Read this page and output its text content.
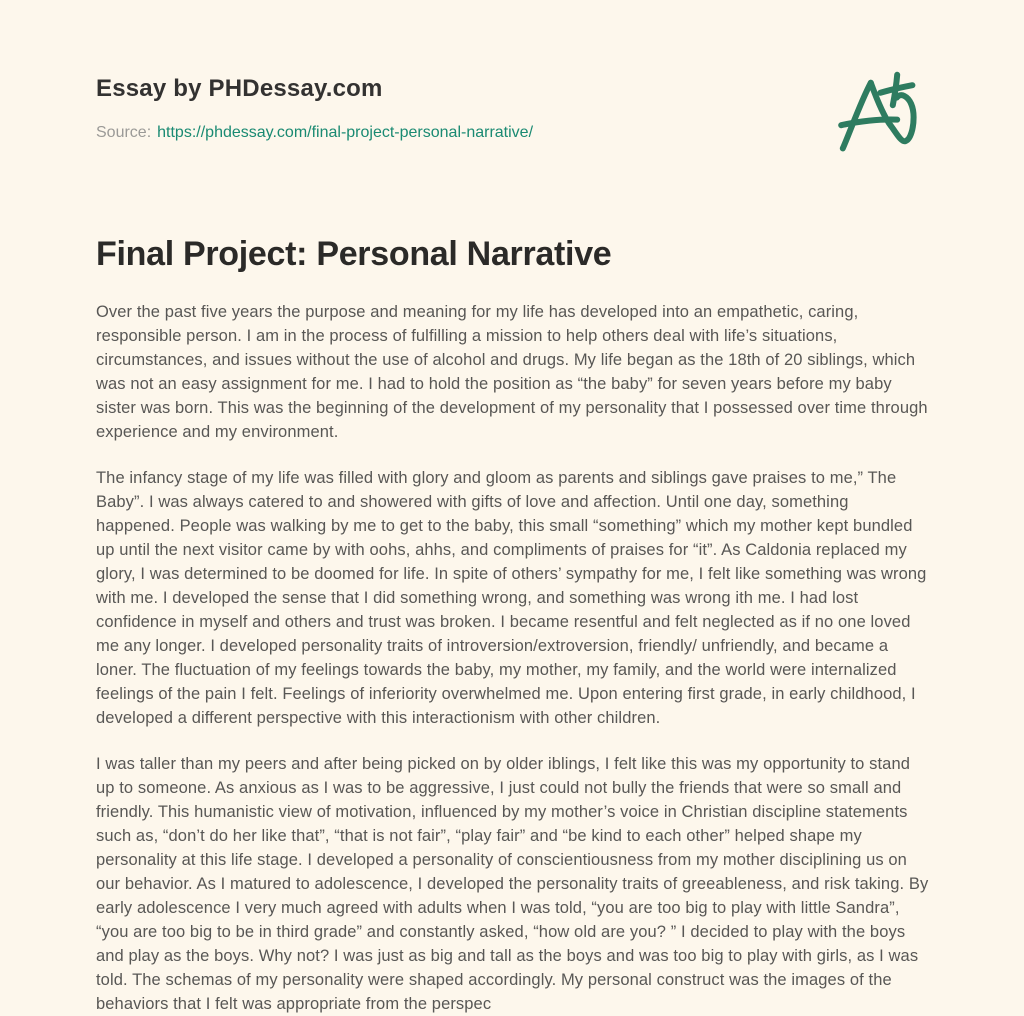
Essay by PHDessay.com
Source: https://phdessay.com/final-project-personal-narrative/
Final Project: Personal Narrative

Over the past five years the purpose and meaning for my life has developed into an empathetic, caring, responsible person. I am in the process of fulfilling a mission to help others deal with life’s situations, circumstances, and issues without the use of alcohol and drugs. My life began as the 18th of 20 siblings, which was not an easy assignment for me. I had to hold the position as “the baby” for seven years before my baby sister was born. This was the beginning of the development of my personality that I possessed over time through experience and my environment.

The infancy stage of my life was filled with glory and gloom as parents and siblings gave praises to me,” The Baby”. I was always catered to and showered with gifts of love and affection. Until one day, something happened. People was walking by me to get to the baby, this small “something” which my mother kept bundled up until the next visitor came by with oohs, ahhs, and compliments of praises for “it”. As Caldonia replaced my glory, I was determined to be doomed for life. In spite of others’ sympathy for me, I felt like something was wrong with me. I developed the sense that I did something wrong, and something was wrong ith me. I had lost confidence in myself and others and trust was broken. I became resentful and felt neglected as if no one loved me any longer. I developed personality traits of introversion/extroversion, friendly/ unfriendly, and became a loner. The fluctuation of my feelings towards the baby, my mother, my family, and the world were internalized feelings of the pain I felt. Feelings of inferiority overwhelmed me. Upon entering first grade, in early childhood, I developed a different perspective with this interactionism with other children.

I was taller than my peers and after being picked on by older iblings, I felt like this was my opportunity to stand up to someone. As anxious as I was to be aggressive, I just could not bully the friends that were so small and friendly. This humanistic view of motivation, influenced by my mother’s voice in Christian discipline statements such as, “don’t do her like that”, “that is not fair”, “play fair” and “be kind to each other” helped shape my personality at this life stage. I developed a personality of conscientiousness from my mother disciplining us on our behavior. As I matured to adolescence, I developed the personality traits of greeableness, and risk taking. By early adolescence I very much agreed with adults when I was told, “you are too big to play with little Sandra”, “you are too big to be in third grade” and constantly asked, “how old are you? ” I decided to play with the boys and play as the boys. Why not? I was just as big and tall as the boys and was too big to play with girls, as I was told. The schemas of my personality were shaped accordingly. My personal construct was the images of the behaviors that I felt was appropriate from the perspec
